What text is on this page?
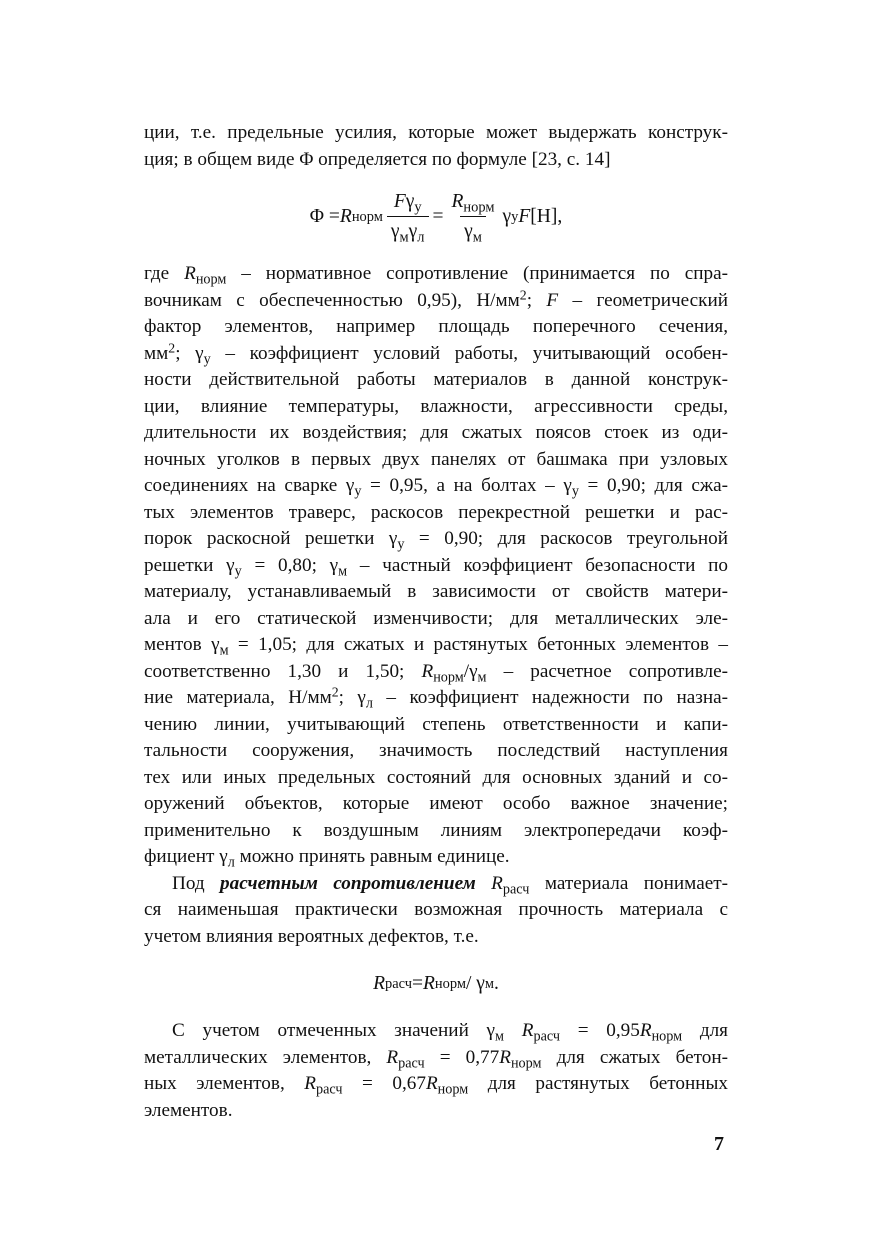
ции, т.е. предельные усилия, которые может выдержать конструк-
ция; в общем виде Φ определяется по формуле [23, с. 14]
Φ = R норм $\frac{F\gamma_у}{\gamma_м\gamma_л} = \frac{R_{норм}}{\gamma_м}$ γ у F [Н],
где $R_{норм}$ – нормативное сопротивление (принимается по спра-
вочникам с обеспеченностью 0,95), $Н/мм^2$; F – геометрический
фактор элементов, например площадь поперечного сечения,
$мм^2$; $\gamma_у$ – коэффициент условий работы, учитывающий особен-
ности действительной работы материалов в данной конструк-
ции, влияние температуры, влажности, агрессивности среды,
длительности их воздействия; для сжатых поясов стоек из оди-
ночных уголков в первых двух панелях от башмака при узловых
соединениях на сварке $\gamma_у = 0,95$, а на болтах – $\gamma_у = 0,90$; для сжа-
тых элементов траверс, раскосов перекрестной решетки и рас-
порок раскосной решетки $\gamma_у = 0,90$; для раскосов треугольной
решетки $\gamma_у = 0,80$; $\gamma_м$ – частный коэффициент безопасности по
материалу, устанавливаемый в зависимости от свойств матери-
ала и его статической изменчивости; для металлических эле-
ментов $\gamma_м = 1,05$; для сжатых и растянутых бетонных элементов –
соответственно 1,30 и 1,50; $R_{норм}/\gamma_м$ – расчетное сопротивле-
ние материала, $Н/мм^2$; $\gamma_л$ – коэффициент надежности по назна-
чению линии, учитывающий степень ответственности и капи-
тальности сооружения, значимость последствий наступления
тех или иных предельных состояний для основных зданий и со-
оружений объектов, которые имеют особо важное значение;
применительно к воздушным линиям электропередачи коэф-
фициент $\gamma_л$ можно принять равным единице.
Под расчетным сопротивлением $R_{расч}$ материала понимает-
ся наименьшая практически возможная прочность материала с
учетом влияния вероятных дефектов, т.е.
R расч = R норм / γ м .
С учетом отмеченных значений $\gamma_м$ $R_{расч} = 0,95R_{норм}$ для
металлических элементов, $R_{расч} = 0,77R_{норм}$ для сжатых бетон-
ных элементов, $R_{расч} = 0,67R_{норм}$ для растянутых бетонных
элементов.
7
